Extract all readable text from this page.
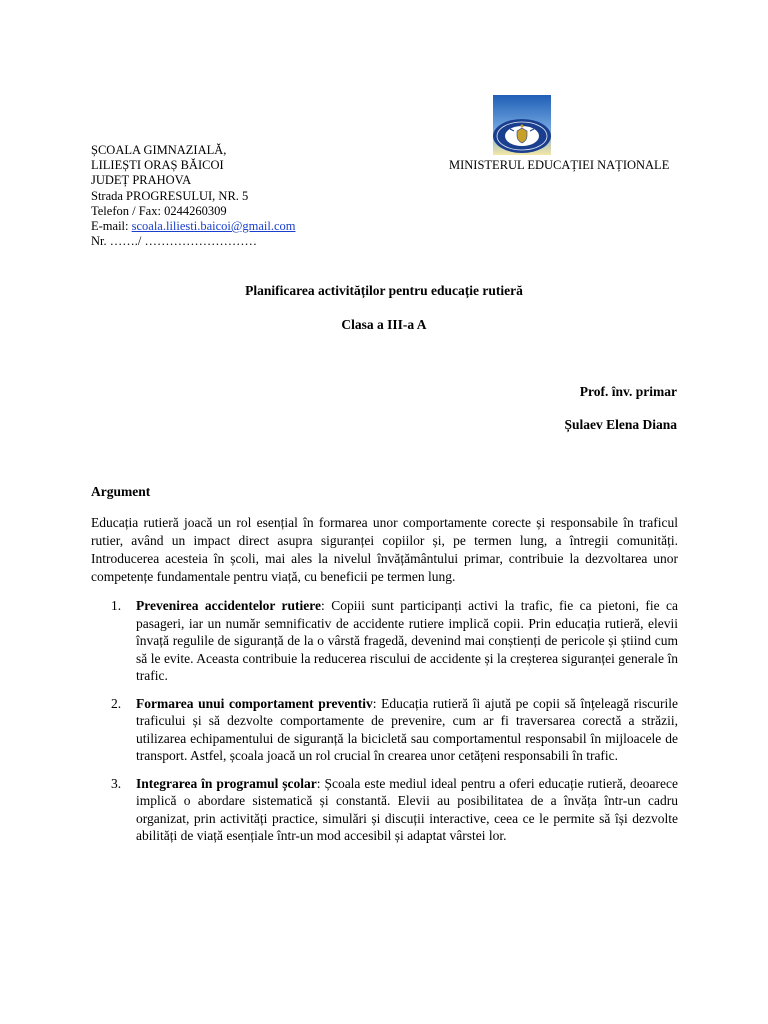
ȘCOALA GIMNAZIALĂ,
LILIEȘTI ORAȘ BĂICOI
JUDEȚ PRAHOVA
Strada PROGRESULUI, NR. 5
Telefon / Fax: 0244260309
E-mail: scoala.liliesti.baicoi@gmail.com
Nr. ……./ ………………………
MINISTERUL EDUCAȚIEI NAȚIONALE
Planificarea activităților pentru educație rutieră
Clasa a III-a A
Prof. înv. primar
Șulaev Elena Diana
Argument
Educația rutieră joacă un rol esențial în formarea unor comportamente corecte și responsabile în traficul rutier, având un impact direct asupra siguranței copiilor și, pe termen lung, a întregii comunități. Introducerea acesteia în școli, mai ales la nivelul învățământului primar, contribuie la dezvoltarea unor competențe fundamentale pentru viață, cu beneficii pe termen lung.
1. Prevenirea accidentelor rutiere: Copiii sunt participanți activi la trafic, fie ca pietoni, fie ca pasageri, iar un număr semnificativ de accidente rutiere implică copii. Prin educația rutieră, elevii învață regulile de siguranță de la o vârstă fragedă, devenind mai conștienți de pericole și știind cum să le evite. Aceasta contribuie la reducerea riscului de accidente și la creșterea siguranței generale în trafic.
2. Formarea unui comportament preventiv: Educația rutieră îi ajută pe copii să înțeleagă riscurile traficului și să dezvolte comportamente de prevenire, cum ar fi traversarea corectă a străzii, utilizarea echipamentului de siguranță la bicicletă sau comportamentul responsabil în mijloacele de transport. Astfel, școala joacă un rol crucial în crearea unor cetățeni responsabili în trafic.
3. Integrarea în programul școlar: Școala este mediul ideal pentru a oferi educație rutieră, deoarece implică o abordare sistematică și constantă. Elevii au posibilitatea de a învăța într-un cadru organizat, prin activități practice, simulări și discuții interactive, ceea ce le permite să își dezvolte abilități de viață esențiale într-un mod accesibil și adaptat vârstei lor.
